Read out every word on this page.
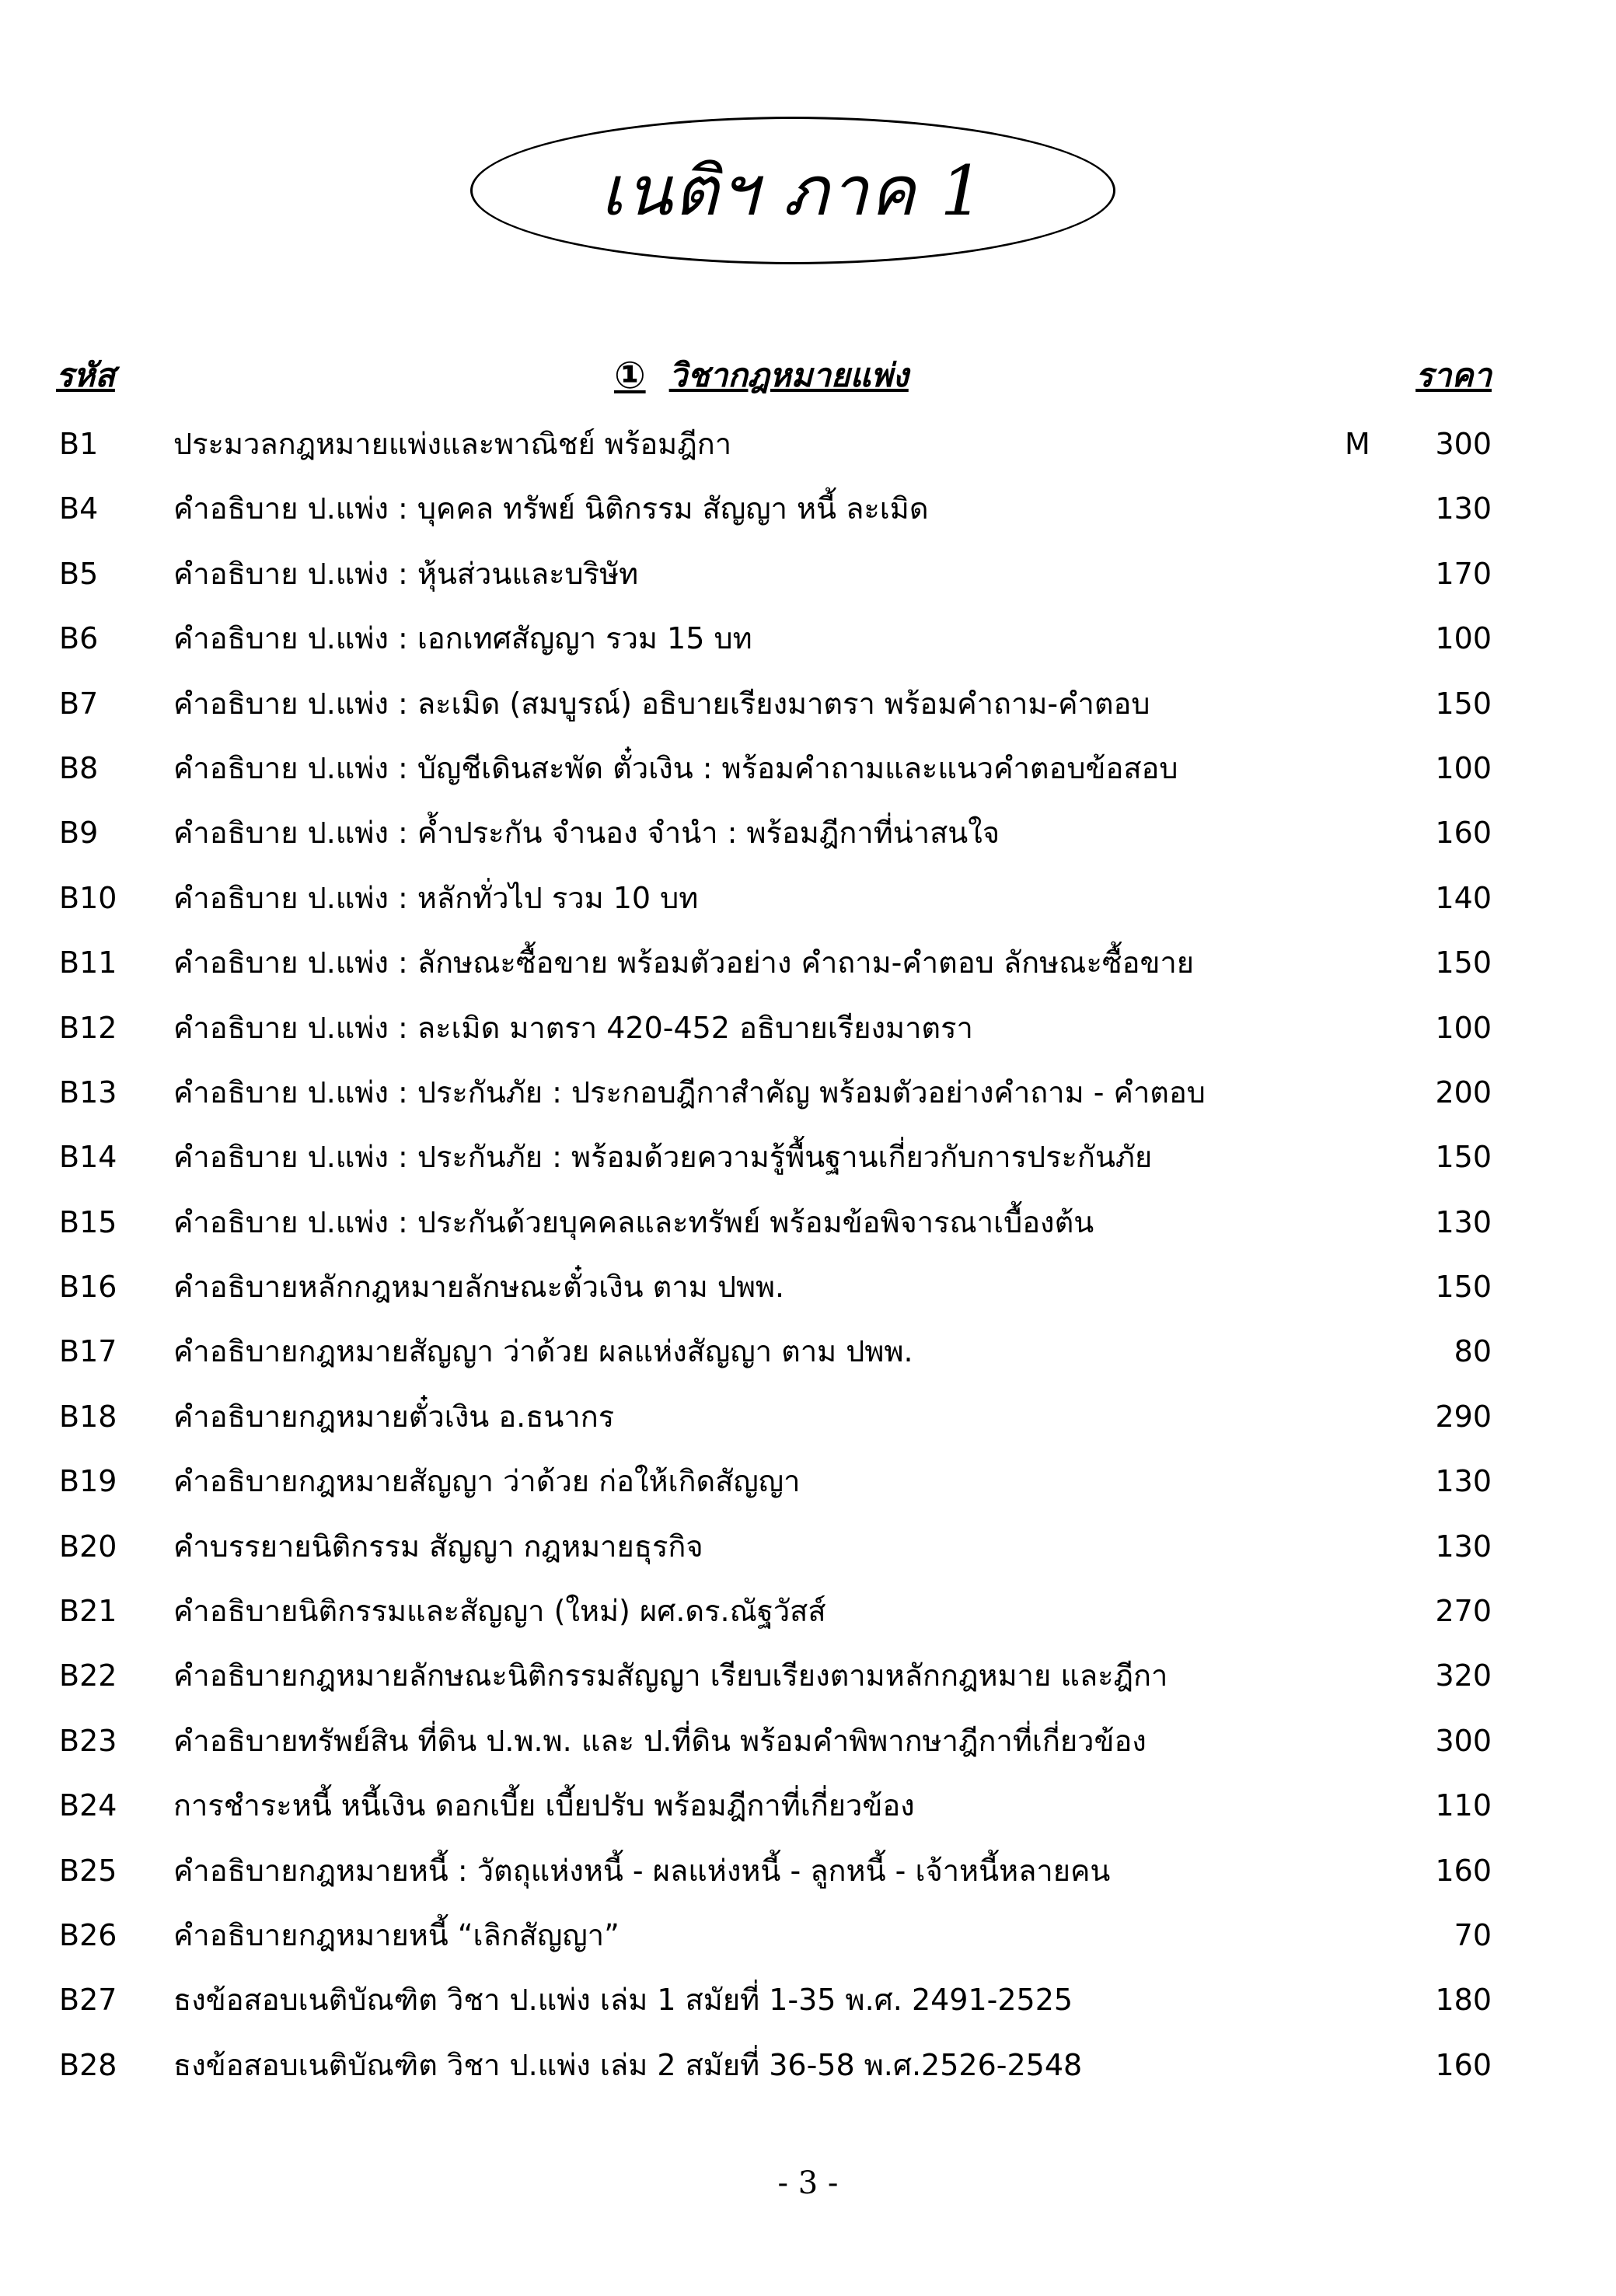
เนติฯ ภาค 1
รหัส	① วิชากฎหมายแพ่ง	ราคา
B1	ประมวลกฎหมายแพ่งและพาณิชย์ พร้อมฎีกา	M 300
B4	คำอธิบาย ป.แพ่ง : บุคคล ทรัพย์ นิติกรรม สัญญา หนี้ ละเมิด	130
B5	คำอธิบาย ป.แพ่ง : หุ้นส่วนและบริษัท	170
B6	คำอธิบาย ป.แพ่ง : เอกเทศสัญญา รวม 15 บท	100
B7	คำอธิบาย ป.แพ่ง : ละเมิด (สมบูรณ์) อธิบายเรียงมาตรา พร้อมคำถาม-คำตอบ	150
B8	คำอธิบาย ป.แพ่ง : บัญชีเดินสะพัด ตั๋วเงิน : พร้อมคำถามและแนวคำตอบข้อสอบ	100
B9	คำอธิบาย ป.แพ่ง : ค้ำประกัน จำนอง จำนำ : พร้อมฎีกาที่น่าสนใจ	160
B10 คำอธิบาย ป.แพ่ง : หลักทั่วไป รวม 10 บท	140
B11 คำอธิบาย ป.แพ่ง : ลักษณะซื้อขาย พร้อมตัวอย่าง คำถาม-คำตอบ ลักษณะซื้อขาย	150
B12 คำอธิบาย ป.แพ่ง : ละเมิด มาตรา 420-452 อธิบายเรียงมาตรา	100
B13 คำอธิบาย ป.แพ่ง : ประกันภัย : ประกอบฎีกาสำคัญ พร้อมตัวอย่างคำถาม - คำตอบ	200
B14 คำอธิบาย ป.แพ่ง : ประกันภัย : พร้อมด้วยความรู้พื้นฐานเกี่ยวกับการประกันภัย	150
B15 คำอธิบาย ป.แพ่ง : ประกันด้วยบุคคลและทรัพย์ พร้อมข้อพิจารณาเบื้องต้น	130
B16 คำอธิบายหลักกฎหมายลักษณะตั๋วเงิน ตาม ปพพ.	150
B17 คำอธิบายกฎหมายสัญญา ว่าด้วย ผลแห่งสัญญา ตาม ปพพ.	80
B18 คำอธิบายกฎหมายตั๋วเงิน อ.ธนากร	290
B19 คำอธิบายกฎหมายสัญญา ว่าด้วย ก่อให้เกิดสัญญา	130
B20 คำบรรยายนิติกรรม สัญญา กฎหมายธุรกิจ	130
B21 คำอธิบายนิติกรรมและสัญญา (ใหม่) ผศ.ดร.ณัฐวัสส์	270
B22 คำอธิบายกฎหมายลักษณะนิติกรรมสัญญา เรียบเรียงตามหลักกฎหมาย และฎีกา	320
B23 คำอธิบายทรัพย์สิน ที่ดิน ป.พ.พ. และ ป.ที่ดิน พร้อมคำพิพากษาฎีกาที่เกี่ยวข้อง	300
B24 การชำระหนี้ หนี้เงิน ดอกเบี้ย เบี้ยปรับ พร้อมฎีกาที่เกี่ยวข้อง	110
B25 คำอธิบายกฎหมายหนี้ : วัตถุแห่งหนี้ - ผลแห่งหนี้ - ลูกหนี้ - เจ้าหนี้หลายคน	160
B26 คำอธิบายกฎหมายหนี้ “เลิกสัญญา”	70
B27 ธงข้อสอบเนติบัณฑิต วิชา ป.แพ่ง เล่ม 1 สมัยที่ 1-35 พ.ศ. 2491-2525	180
B28 ธงข้อสอบเนติบัณฑิต วิชา ป.แพ่ง เล่ม 2 สมัยที่ 36-58 พ.ศ.2526-2548	160
- 3 -
